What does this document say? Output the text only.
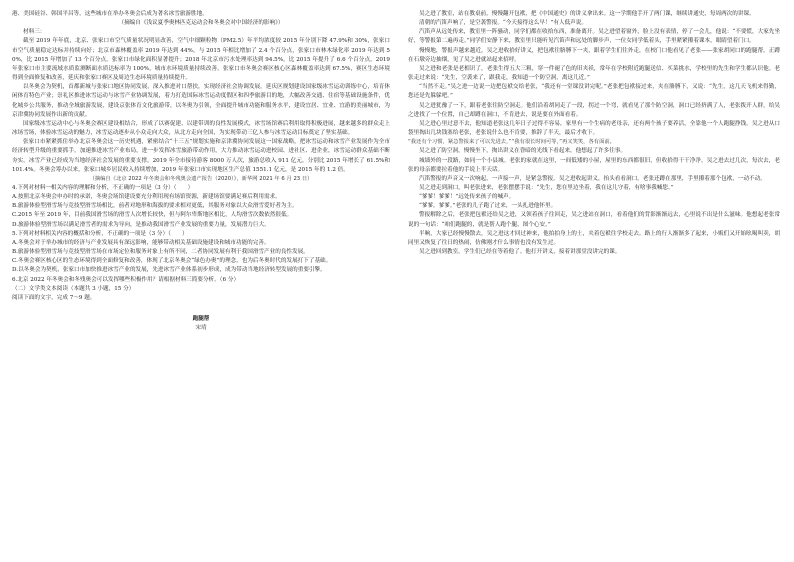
港、美国硅谷、韩国平昌等，这些城市在举办冬奥会后成为著名冰雪旅游胜地。

（摘编自《浅议夏季奥林匹克运动会和冬奥会对中国经济的影响》）

材料三：

截至 2019 年年底，北京、张家口市空气质量状况明显改善，空气中细颗粒物（PM2.5）年平均浓度较 2015 年分别下降 47.9%和 30%，张家口市空气质量稳定达标并持续向好；北京市森林覆盖率 2019 年达到 44%，与 2015 年相比增加了 2.4 个百分点，张家口市林木绿化率 2019 年达到 50%，比 2015 年增加了 13 个百分点，张家口市绿化面积显著提升；2018 年北京市污水处理率达到 94.5%，比 2015 年提升了 6.6 个百分点，2019 年张家口市主要流域水质监测断面水质达标率为 100%，城市水环境质量持续改善，张家口市冬奥会赛区核心区森林覆盖率达到 67.5%，赛区生态环境得到全面修复和改善，延庆和张家口赛区及周边生态环境质量持续提升。

以冬奥会为契机，首都新城与张家口地区协同发展，深入推进对口帮扶，实现经济社会协调发展，延庆区规划建设国家级冰雪运动训练中心，培育休闲体育特色产业；崇礼区推进冰雪运动与冰雪产业协调发展，着力打造国际冰雪运动度假区和四季旅游目的地，大幅改善交通、住宿等基础设施条件，优化城乡公共服务，推动全域旅游发展，建设京张体育文化旅游带，以冬奥为引领，全面提升城市功能和服务水平，建设宜居、宜业、宜游的美丽城市，为京津冀协同发展作出新的贡献。

国家级冰雪运动中心与冬奥会赛区建设相结合，形成了以赛促建、以建带训的良性发展模式，冰雪场馆赛后利用取得积极进展，越来越多的群众走上冰场雪场，体验冰雪运动的魅力，冰雪运动逐步从小众走向大众，从北方走向全国，为实现带动三亿人参与冰雪运动目标奠定了坚实基础。

张家口市紧紧抓住举办北京冬奥会这一历史机遇，紧密结合“十三五”规划实施和京津冀协同发展这一国家战略，把冰雪运动和冰雪产业发展作为全市经济转型升级的重要抓手，加速推进冰雪产业布局，进一步发挥冰雪旅游带动作用，大力推动冰雪运动进校园、进社区、进企业，冰雪运动群众基础不断夯实。冰雪产业已经成为当地经济社会发展的重要支撑。2019 年全市接待游客 8000 万人次，旅游总收入 911 亿元，分别比 2015 年增长了 61.5%和 101.4%。冬奥会筹办以来，张家口城乡居民收入持续增加，2019 年张家口市实现地区生产总值 1551.1 亿元，是 2015 年的 1.2 倍。

（摘编自《北京 2022 年冬奥会和冬残奥会遗产报告（2020）》，新华网 2021 年 6 月 23 日）

4.下列对材料一相关内容的理解和分析，不正确的一项是（3 分）（　　）

A.按照北京冬奥会申办时的承诺，冬奥会场馆建设要充分利用现有场馆资源，新建场馆要满足赛后利用需求。

B.旅游体验型滑雪场与竞技型滑雪场相比，前者对地形和海拔的要求相对更低，其服务对象以大众滑雪爱好者为主。

C.2015 年至 2019 年，目前我国滑雪场的滑雪人次增长较快，但与阿尔卑斯地区相比，人均滑雪次数依然很低。

D.旅游体验型滑雪场以满足滑雪者的需求为导向，是推动我国滑雪产业发展的重要力量，发展潜力巨大。

5.下列对材料相关内容的概括和分析，不正确的一项是（3 分）（　　）

A.冬奥会对于举办城市的经济与产业发展具有深远影响，能够带动相关基础设施建设和城市功能的完善。

B.旅游体验型滑雪场与竞技型滑雪场在市场定位和服务对象上有所不同，二者协同发展有利于我国滑雪产业的良性发展。

C.冬奥会赛区核心区的生态环境得到全面修复和改善，体现了北京冬奥会“绿色办奥”的理念，也为后冬奥时代的发展打下了基础。

D.以冬奥会为契机，张家口市加快推进冰雪产业的发展，先进冰雪产业体系初步形成，成为带动当地经济转型发展的重要引擎。

6.北京 2022 年冬奥会和冬残奥会可以发挥哪些积极作用？请根据材料三简要分析。（6 分）

（二）文学类文本阅读（本题共 3 小题，15 分）

阅读下面的文字，完成 7～9 题。

跑腿帮

宋靖

吴之进了教室，站在教桌前，慢慢翻开包袱，把《中国通史》的讲义拿出来。这一学期他手开了两门课，继续讲通史，每周两次的讲课。

清朝的汽笛声响了，是空袭警报。“今天接得这么早！”有人低声说。

汽笛声从远处传来，教室里一阵骚动，同学们都在收拾东西，准备离开。吴之进望着窗外，脸上没有表情，停了一会儿，他说：“不要慌，大家先坐好，等警报第二遍再走。”同学们安静下来，教室里只能听见汽笛声和远处的脚步声，一位女同学低着头，手里紧紧攥着课本，眼睛望着门口。

慢慢地，警报声越来越近，吴之进收拾好讲义，把包袱往胳膊下一夹，跟着学生们往外走，在校门口他看见了老张——张家胡同口的跑腿帮，正蹲在石墩旁边抽烟，见了吴之进就站起来招呼。

吴之进和老张是老相识了，老张生得五大三粗，穿一件褪了色的旧夹袄，常年在学校附近跑腿送信、买菜挑水，学校里的先生和学生都认识他。老张走过来说：“先生，空袭来了，跟我走，我知道一个防空洞，离这儿近。”

“当然不走。”吴之进一边说一边把包袱交给老张，“我还有一堂课没讲完呢。”老张把包袱接过来，夹在胳膊下，又说：“先生，这几天飞机来得勤，您还是先躲躲吧。”

吴之进犹豫了一下，跟着老张往防空洞走。他们沿着胡同走了一段，拐过一个弯，就看见了那个防空洞，洞口已经挤满了人，老张拨开人群，给吴之进找了一个位置，自己却蹲在洞口，不肯进去，说是要在外面看着。

吴之进心里过意不去，他知道老张这几年日子过得不容易，家里有一个生病的老母亲，还有两个孩子要养活，全靠他一个人跑腿挣钱。吴之进从口袋里掏出几块钱塞给老张，老张说什么也不肯要，推辞了半天，最后才收下。

“我还有个习惯，紧急警报来了可以先进去，”“我有很长时间可等，”再又笑笑，各有面前。

吴之进了防空洞，慢慢坐下，掏出讲义在昏暗的光线下看起来，他想起了许多往事。

城墙外的一段路，如同一个小县城。老张的家就在这里，一间低矮的小屋，屋里的东西都很旧，但收拾得干干净净。吴之进去过几次，每次去，老张的母亲都要拉着他的手说上半天话。

汽笛警报的声音又一次响起，一声接一声，是紧急警报。吴之进收起讲义，抬头看看洞口，老张还蹲在那里，手里攥着那个包袱，一动不动。

吴之进走到洞口，叫老张进来，老张摆摆手说：“先生，您在里边坐着，我在这儿守着，有啥事我喊您。”

“爹爹！爹爹！”远处传来孩子的喊声。

“爹爹，爹爹。”老张的儿子跑了过来，一头扎进他怀里。

警报解除之后，老张把包袱还给吴之进，又领着孩子往回走，吴之进站在洞口，看着他们的背影渐渐远去，心里说不出是什么滋味。他想起老张常说的一句话：“咱们跑腿的，就是帮人跑个腿，图个心安。”

半晌，大家已经慢慢散去，吴之进这才回过神来，他拍拍身上的土，夹着包袱往学校走去。路上的行人渐渐多了起来，小贩们又开始吆喝叫卖，胡同里又恢复了往日的热闹，仿佛刚才什么事情也没有发生过。

吴之进回到教室，学生们已经在等着他了。他打开讲义，接着讲那堂没讲完的课。
